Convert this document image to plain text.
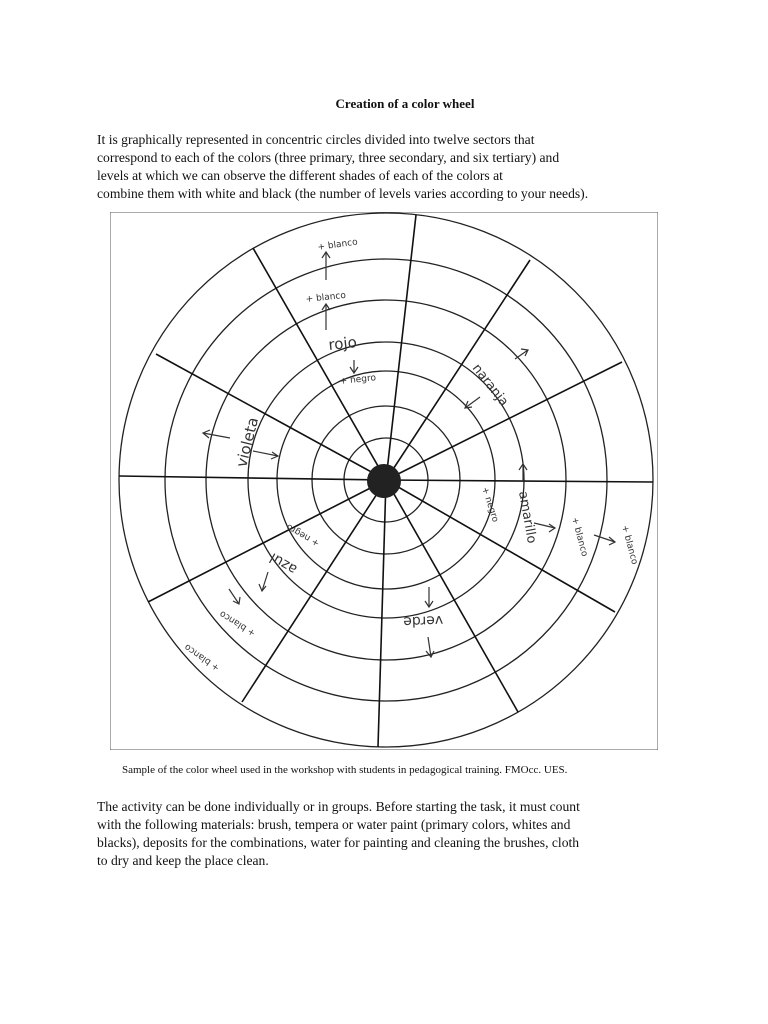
Creation of a color wheel
It is graphically represented in concentric circles divided into twelve sectors that
correspond to each of the colors (three primary, three secondary, and six tertiary) and
levels at which we can observe the different shades of each of the colors at
combine them with white and black (the number of levels varies according to your needs).
+ blanco
+ blanco
rojo
+ negro	naranja
violeta
amarillo
+ negro
+ blanco	+ blanco
azul
+ negro
+ blanco
+ blanco
verde
Sample of the color wheel used in the workshop with students in pedagogical training. FMOcc. UES.
The activity can be done individually or in groups. Before starting the task, it must count
with the following materials: brush, tempera or water paint (primary colors, whites and
blacks), deposits for the combinations, water for painting and cleaning the brushes, cloth
to dry and keep the place clean.
